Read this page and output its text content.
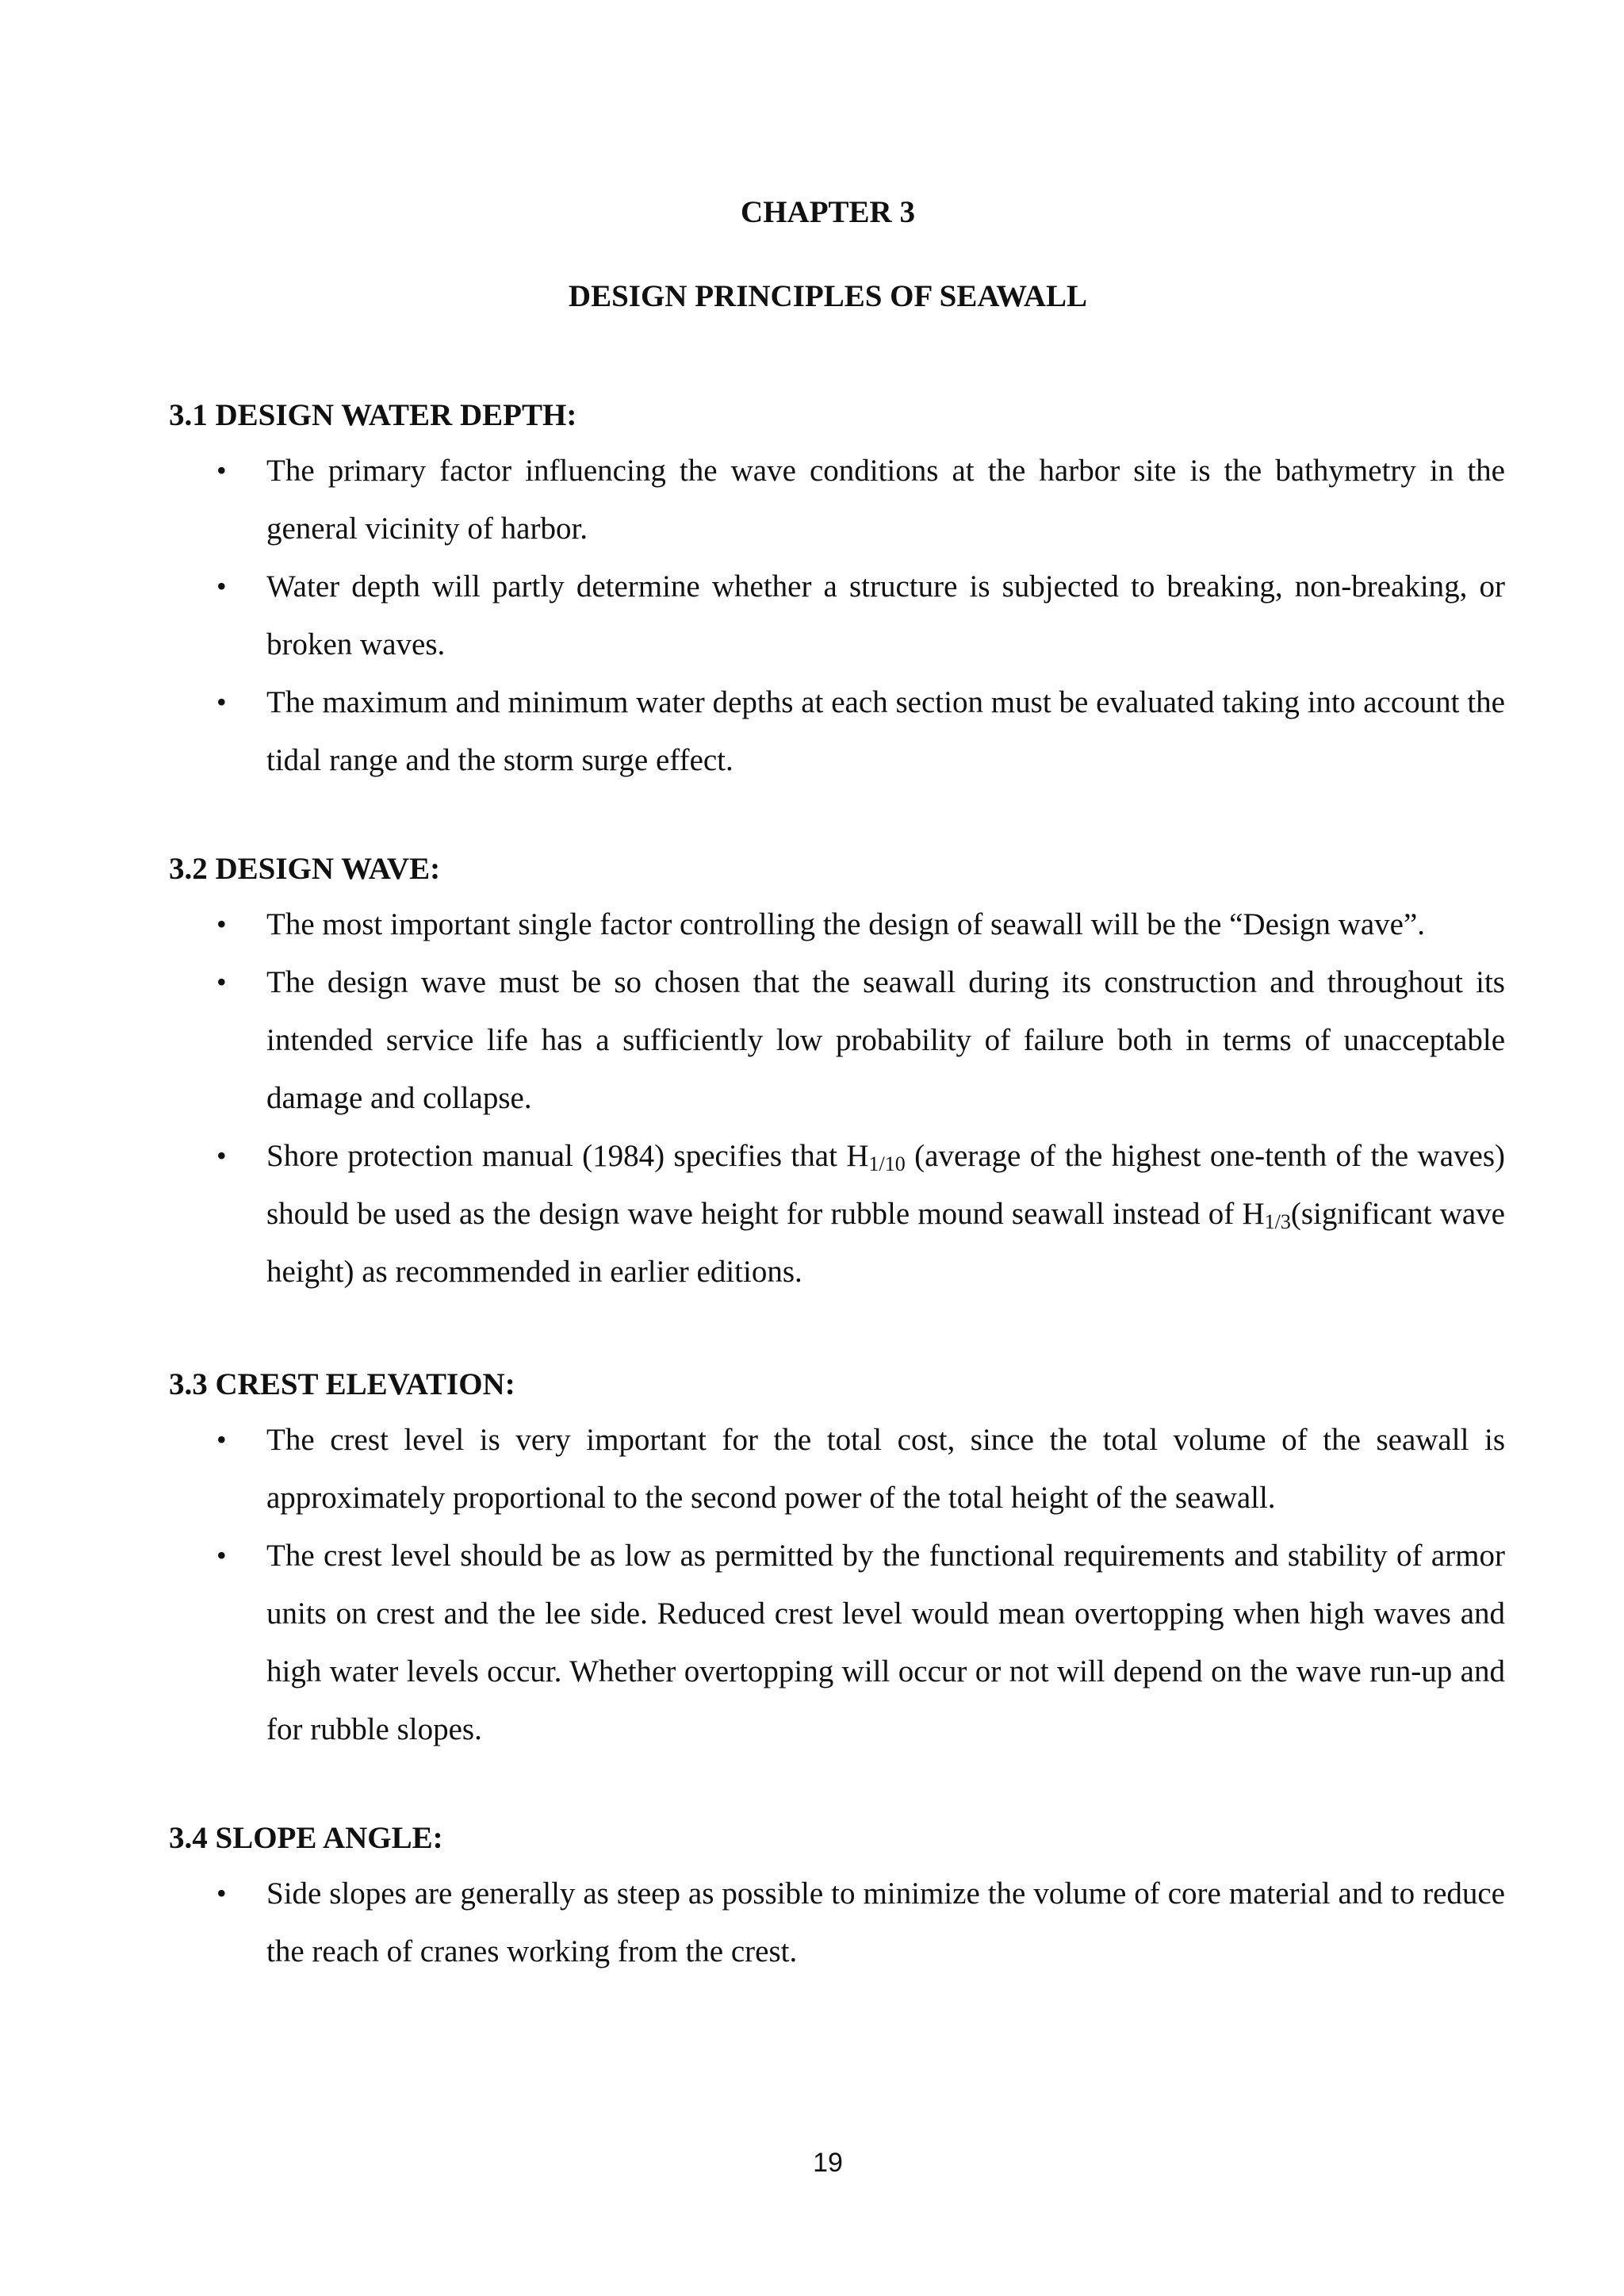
CHAPTER 3
DESIGN PRINCIPLES OF SEAWALL
3.1 DESIGN WATER DEPTH:
• The primary factor influencing the wave conditions at the harbor site is the bathymetry in the general vicinity of harbor.
• Water depth will partly determine whether a structure is subjected to breaking, non-breaking, or broken waves.
• The maximum and minimum water depths at each section must be evaluated taking into account the tidal range and the storm surge effect.
3.2 DESIGN WAVE:
• The most important single factor controlling the design of seawall will be the “Design wave”.
• The design wave must be so chosen that the seawall during its construction and throughout its intended service life has a sufficiently low probability of failure both in terms of unacceptable damage and collapse.
• Shore protection manual (1984) specifies that $H_{1/10}$ (average of the highest one-tenth of the waves) should be used as the design wave height for rubble mound seawall instead of $H_{1/3}(significant$ wave height) as recommended in earlier editions.
3.3 CREST ELEVATION:
• The crest level is very important for the total cost, since the total volume of the seawall is approximately proportional to the second power of the total height of the seawall.
• The crest level should be as low as permitted by the functional requirements and stability of armor units on crest and the lee side. Reduced crest level would mean overtopping when high waves and high water levels occur. Whether overtopping will occur or not will depend on the wave run-up and for rubble slopes.
3.4 SLOPE ANGLE:
• Side slopes are generally as steep as possible to minimize the volume of core material and to reduce the reach of cranes working from the crest.
19
